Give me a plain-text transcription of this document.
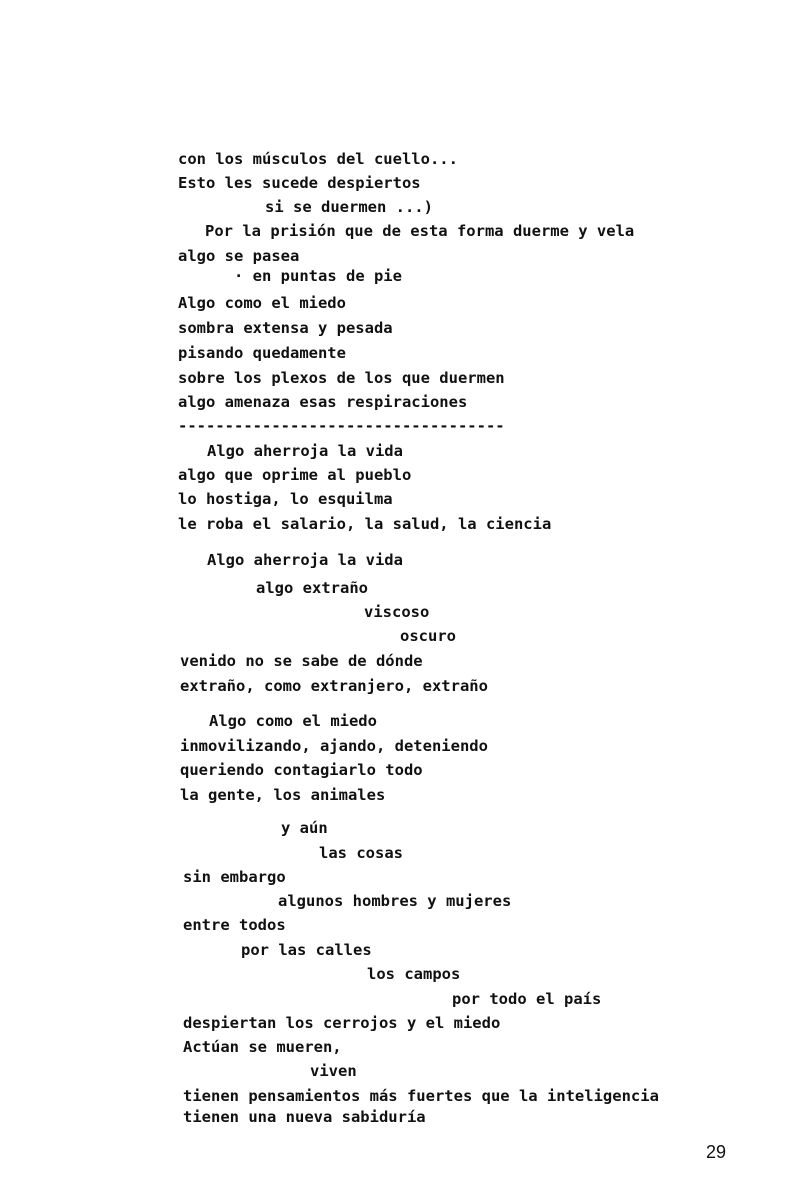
con los músculos del cuello...
Esto les sucede despiertos
si se duermen ...)
Por la prisión que de esta forma duerme y vela
algo se pasea
· en puntas de pie
Algo como el miedo
sombra extensa y pesada
pisando quedamente
sobre los plexos de los que duermen
algo amenaza esas respiraciones
-----------------------------------
Algo aherroja la vida
algo que oprime al pueblo
lo hostiga, lo esquilma
le roba el salario, la salud, la ciencia
Algo aherroja la vida
algo extraño
viscoso
oscuro
venido no se sabe de dónde
extraño, como extranjero, extraño
Algo como el miedo
inmovilizando, ajando, deteniendo
queriendo contagiarlo todo
la gente, los animales
y aún
las cosas
sin embargo
algunos hombres y mujeres
entre todos
por las calles
los campos
por todo el país
despiertan los cerrojos y el miedo
Actúan se mueren,
viven
tienen pensamientos más fuertes que la inteligencia
tienen una nueva sabiduría
29
